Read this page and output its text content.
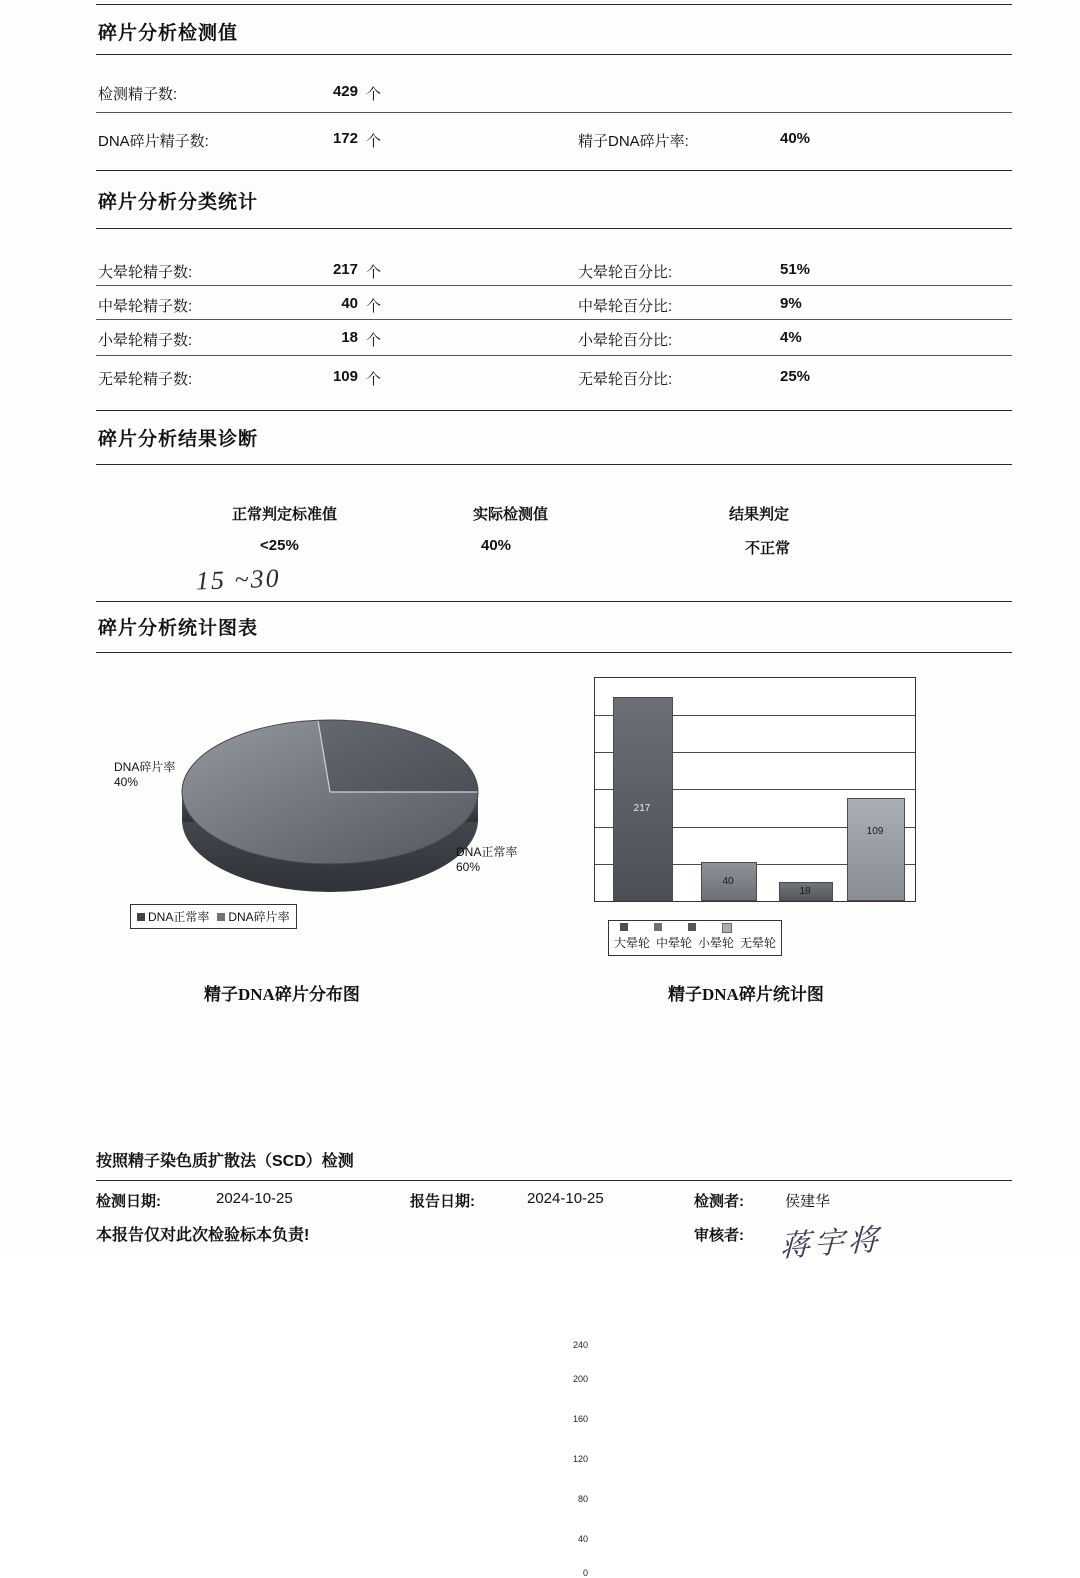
碎片分析检测值
检测精子数:	429 个
DNA碎片精子数:	172 个	精子DNA碎片率:	40%
碎片分析分类统计
大晕轮精子数:	217 个	大晕轮百分比:	51%
中晕轮精子数:	40 个	中晕轮百分比:	9%
小晕轮精子数:	18 个	小晕轮百分比:	4%
无晕轮精子数:	109 个	无晕轮百分比:	25%
碎片分析结果诊断
正常判定标准值	实际检测值	结果判定
<25%	40%	不正常
15 ~30
碎片分析统计图表
DNA碎片率
40%
DNA正常率
60%
DNA正常率 DNA碎片率
精子DNA碎片分布图
240
200
160
120
80
40
0
217
40
18
109
大晕轮 中晕轮 小晕轮 无晕轮
精子DNA碎片统计图
按照精子染色质扩散法（SCD）检测
检测日期:	2024-10-25	报告日期:	2024-10-25	检测者:	侯建华
本报告仅对此次检验标本负责!	审核者: 蒋宇将
